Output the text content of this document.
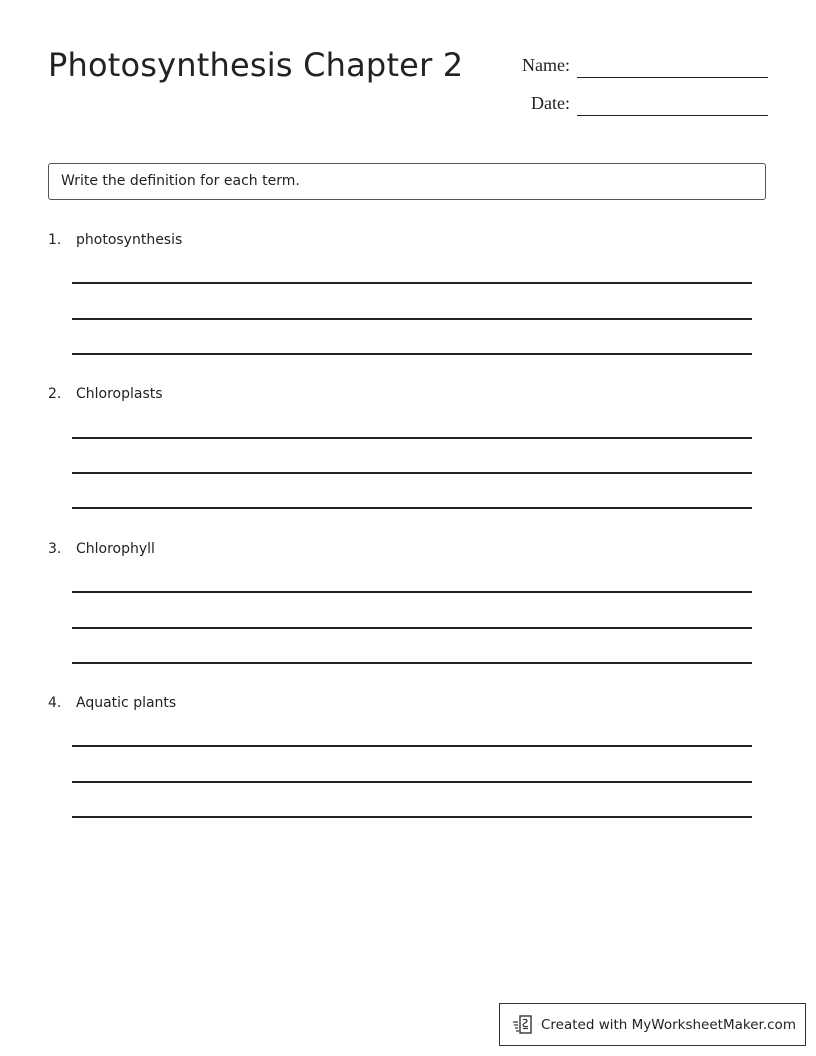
Photosynthesis Chapter 2	Name:
Date:
Write the definition for each term.
1. photosynthesis
2. Chloroplasts
3. Chlorophyll
4. Aquatic plants
Created with MyWorksheetMaker.com
